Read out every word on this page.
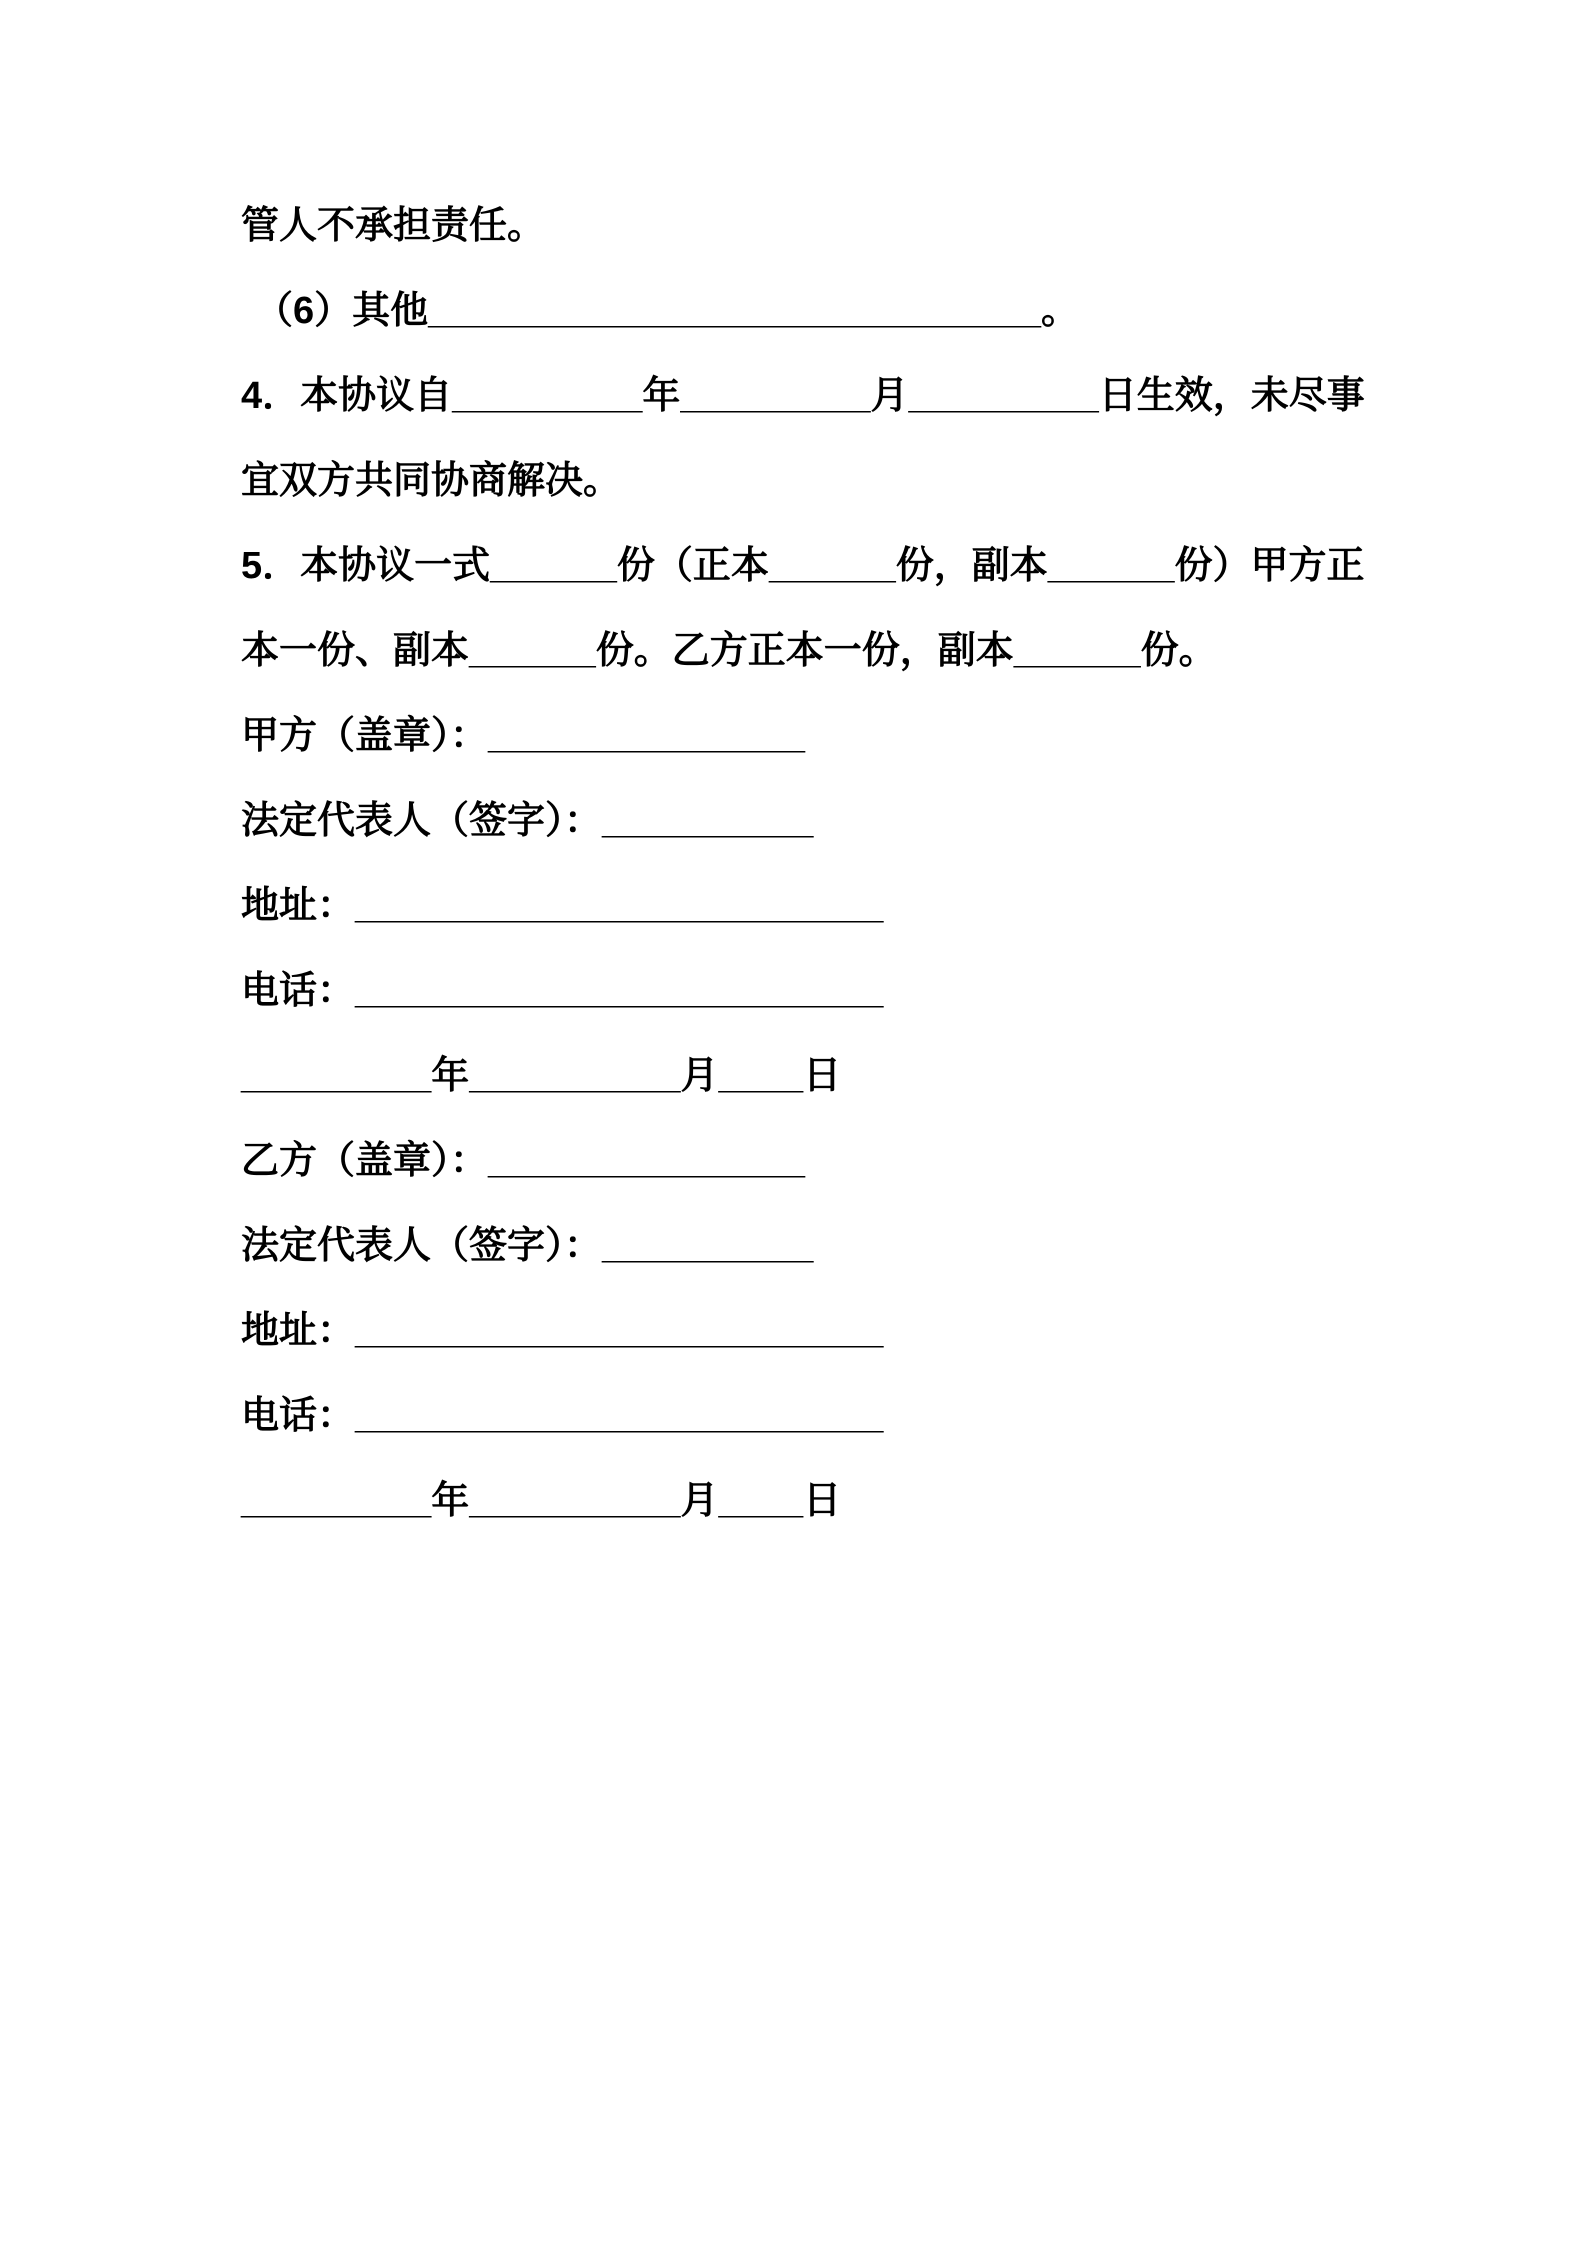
管人不承担责任。

（6）其他_____________________________。

4．本协议自_________年_________月_________日生效，未尽事

宜双方共同协商解决。

5．本协议一式______份（正本______份，副本______份）甲方正

本一份、副本______份。乙方正本一份，副本______份。

甲方（盖章）：_______________

法定代表人（签字）：__________

地址：_________________________

电话：_________________________

_________年__________月____日

乙方（盖章）：_______________

法定代表人（签字）：__________

地址：_________________________

电话：_________________________

_________年__________月____日
